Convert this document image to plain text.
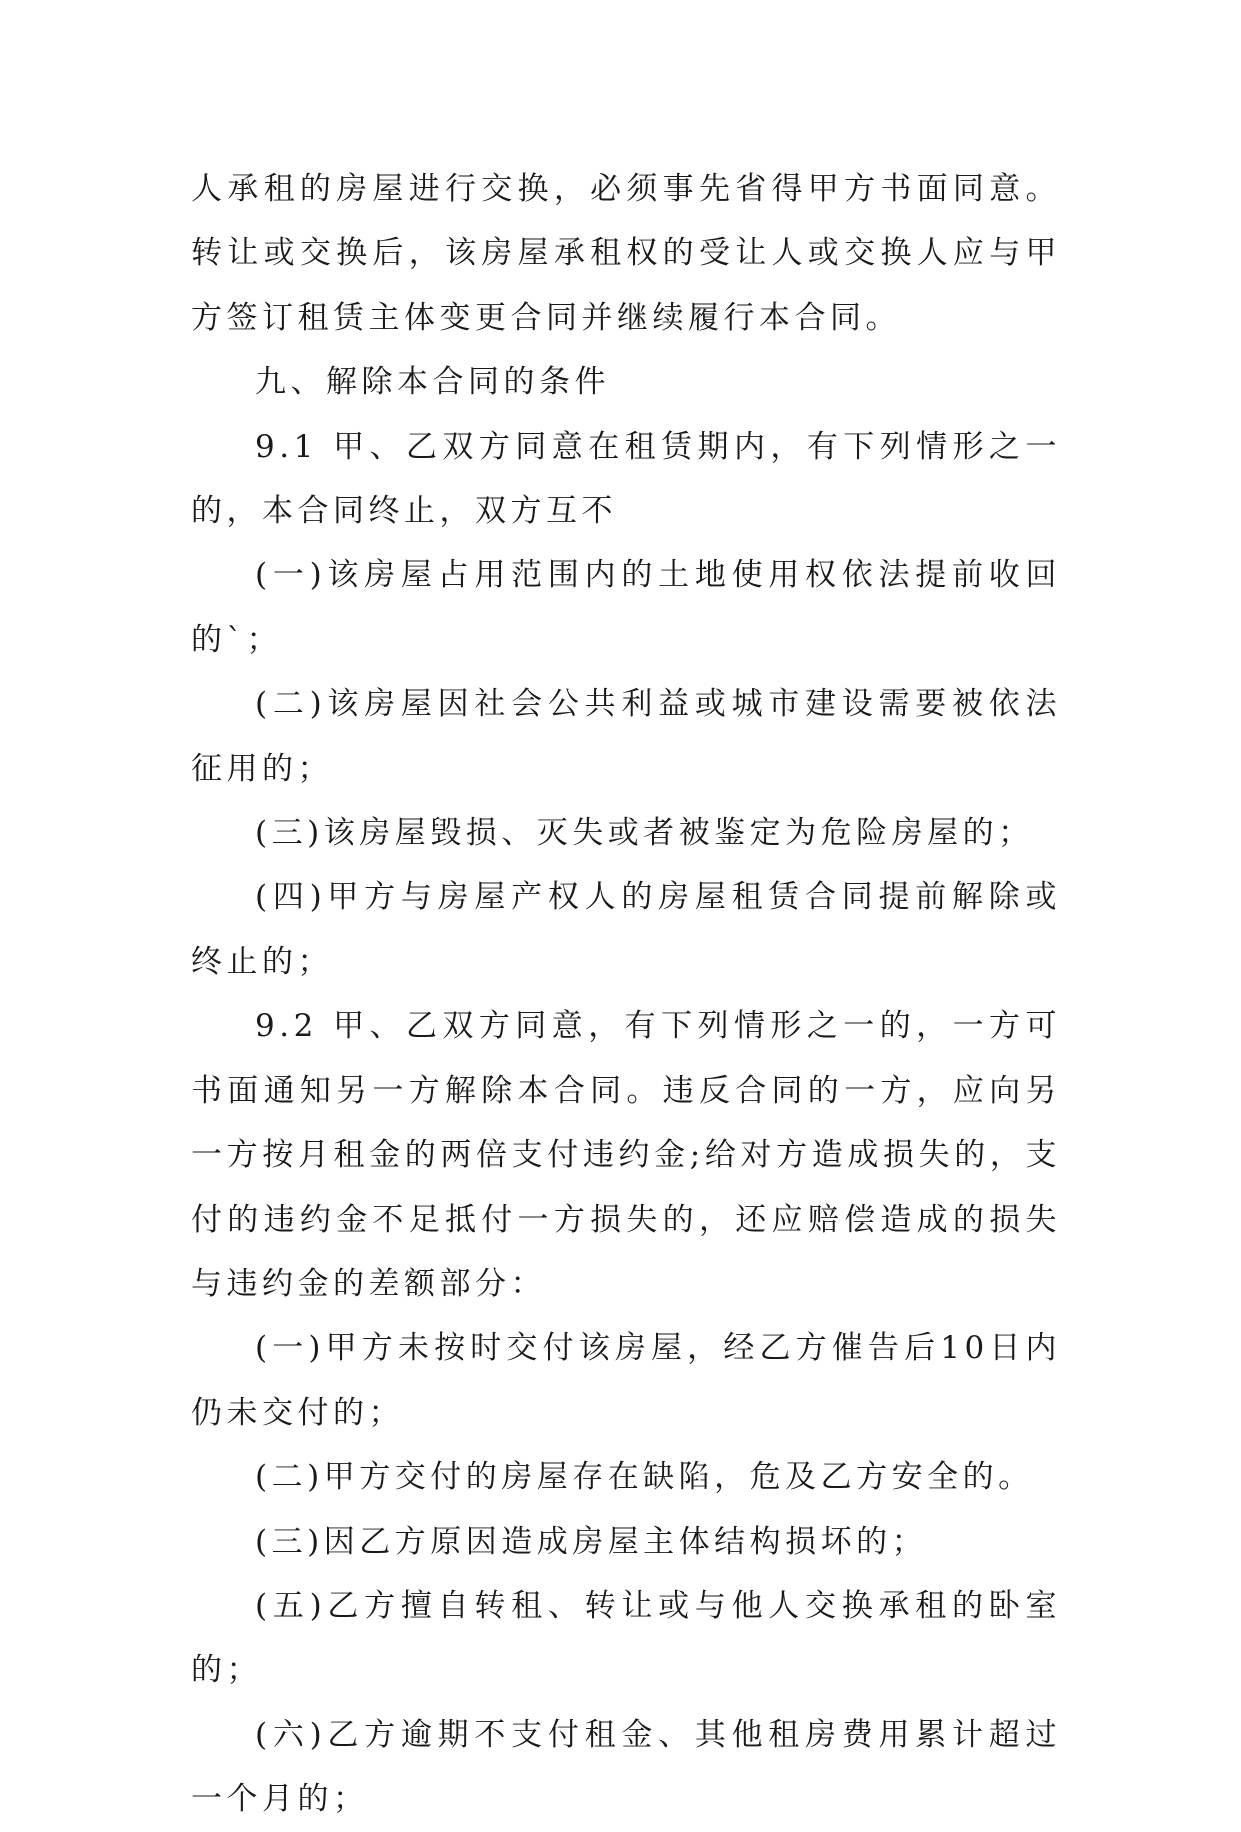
人承租的房屋进行交换，必须事先省得甲方书面同意。转让或交换后，该房屋承租权的受让人或交换人应与甲方签订租赁主体变更合同并继续履行本合同。

九、解除本合同的条件

9.1 甲、乙双方同意在租赁期内，有下列情形之一的，本合同终止，双方互不

(一)该房屋占用范围内的土地使用权依法提前收回的`；

(二)该房屋因社会公共利益或城市建设需要被依法征用的；

(三)该房屋毁损、灭失或者被鉴定为危险房屋的；

(四)甲方与房屋产权人的房屋租赁合同提前解除或终止的；

9.2 甲、乙双方同意，有下列情形之一的，一方可书面通知另一方解除本合同。违反合同的一方，应向另一方按月租金的两倍支付违约金;给对方造成损失的，支付的违约金不足抵付一方损失的，还应赔偿造成的损失与违约金的差额部分：

(一)甲方未按时交付该房屋，经乙方催告后10日内仍未交付的；

(二)甲方交付的房屋存在缺陷，危及乙方安全的。

(三)因乙方原因造成房屋主体结构损坏的；

(五)乙方擅自转租、转让或与他人交换承租的卧室的；

(六)乙方逾期不支付租金、其他租房费用累计超过一个月的；
